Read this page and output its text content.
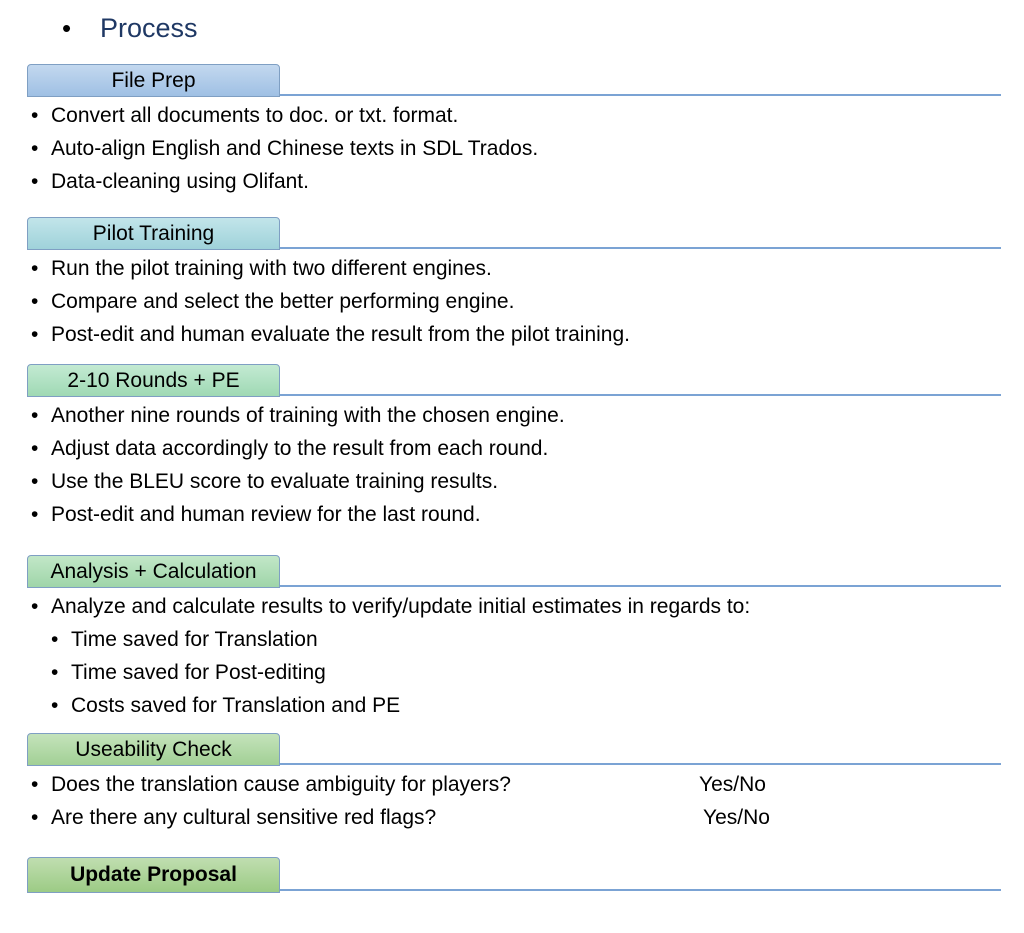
•	Process
File Prep
• Convert all documents to doc. or txt. format.
• Auto-align English and Chinese texts in SDL Trados.
• Data-cleaning using Olifant.
Pilot Training
• Run the pilot training with two different engines.
• Compare and select the better performing engine.
• Post-edit and human evaluate the result from the pilot training.
2-10 Rounds + PE
• Another nine rounds of training with the chosen engine.
• Adjust data accordingly to the result from each round.
• Use the BLEU score to evaluate training results.
• Post-edit and human review for the last round.
Analysis + Calculation
• Analyze and calculate results to verify/update initial estimates in regards to:
• Time saved for Translation
• Time saved for Post-editing
• Costs saved for Translation and PE
Useability Check
• Does the translation cause ambiguity for players?	Yes/No
• Are there any cultural sensitive red flags?	Yes/No
Update Proposal
